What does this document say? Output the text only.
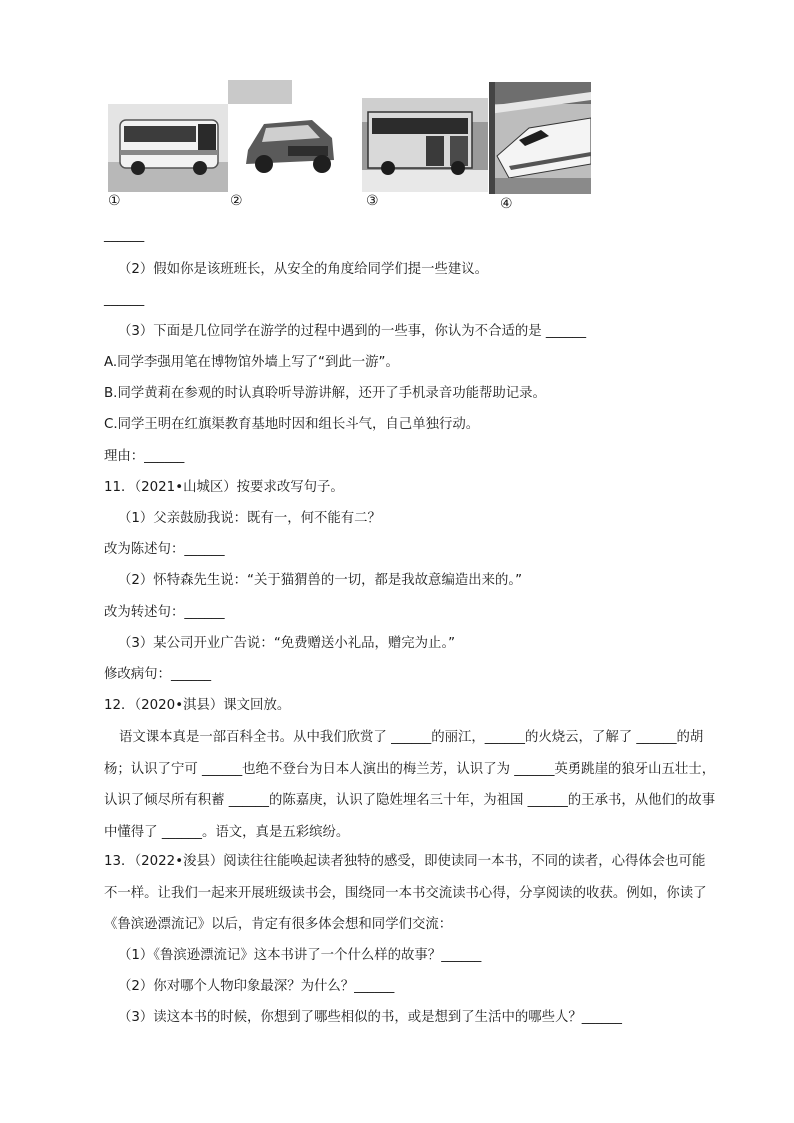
①	②	③	④
______
（2）假如你是该班班长，从安全的角度给同学们提一些建议。
______
（3）下面是几位同学在游学的过程中遇到的一些事，你认为不合适的是 ______
A.同学李强用笔在博物馆外墙上写了“到此一游”。
B.同学黄莉在参观的时认真聆听导游讲解，还开了手机录音功能帮助记录。
C.同学王明在红旗渠教育基地时因和组长斗气，自己单独行动。
理由：______
11．（2021•山城区）按要求改写句子。
（1）父亲鼓励我说：既有一，何不能有二？
改为陈述句：______
（2）怀特森先生说：“关于猫猬兽的一切，都是我故意编造出来的。”
改为转述句：______
（3）某公司开业广告说：“免费赠送小礼品，赠完为止。”
修改病句：______
12．（2020•淇县）课文回放。
语文课本真是一部百科全书。从中我们欣赏了 ______的丽江，______的火烧云，了解了 ______的胡杨；认识了宁可 ______也绝不登台为日本人演出的梅兰芳，认识了为 ______英勇跳崖的狼牙山五壮士，认识了倾尽所有积蓄 ______的陈嘉庚，认识了隐姓埋名三十年，为祖国 ______的王承书，从他们的故事中懂得了 ______。语文，真是五彩缤纷。
13．（2022•浚县）阅读往往能唤起读者独特的感受，即使读同一本书，不同的读者，心得体会也可能不一样。让我们一起来开展班级读书会，围绕同一本书交流读书心得，分享阅读的收获。例如，你读了《鲁滨逊漂流记》以后，肯定有很多体会想和同学们交流：
（1）《鲁滨逊漂流记》这本书讲了一个什么样的故事？______
（2）你对哪个人物印象最深？为什么？______
（3）读这本书的时候，你想到了哪些相似的书，或是想到了生活中的哪些人？______
